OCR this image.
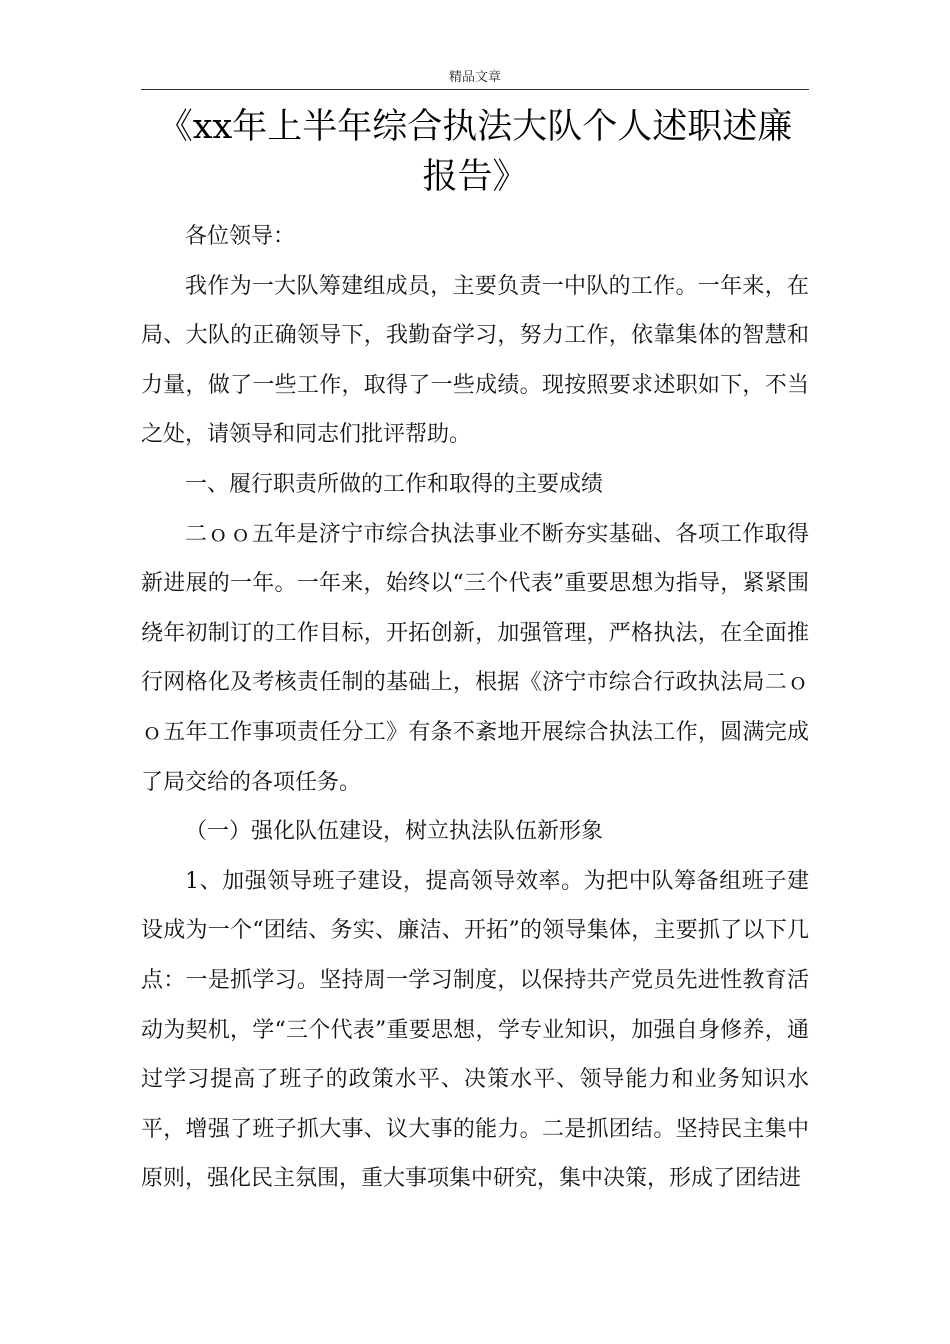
精品文章
《xx年上半年综合执法大队个人述职述廉报告》

各位领导：

我作为一大队筹建组成员，主要负责一中队的工作。一年来，在局、大队的正确领导下，我勤奋学习，努力工作，依靠集体的智慧和力量，做了一些工作，取得了一些成绩。现按照要求述职如下，不当之处，请领导和同志们批评帮助。

一、履行职责所做的工作和取得的主要成绩

二ｏｏ五年是济宁市综合执法事业不断夯实基础、各项工作取得新进展的一年。一年来，始终以“三个代表”重要思想为指导，紧紧围绕年初制订的工作目标，开拓创新，加强管理，严格执法，在全面推行网格化及考核责任制的基础上，根据《济宁市综合行政执法局二ｏｏ五年工作事项责任分工》有条不紊地开展综合执法工作，圆满完成了局交给的各项任务。

（一）强化队伍建设，树立执法队伍新形象

1、加强领导班子建设，提高领导效率。为把中队筹备组班子建设成为一个“团结、务实、廉洁、开拓”的领导集体，主要抓了以下几点：一是抓学习。坚持周一学习制度，以保持共产党员先进性教育活动为契机，学“三个代表”重要思想，学专业知识，加强自身修养，通过学习提高了班子的政策水平、决策水平、领导能力和业务知识水平，增强了班子抓大事、议大事的能力。二是抓团结。坚持民主集中原则，强化民主氛围，重大事项集中研究，集中决策，形成了团结进
